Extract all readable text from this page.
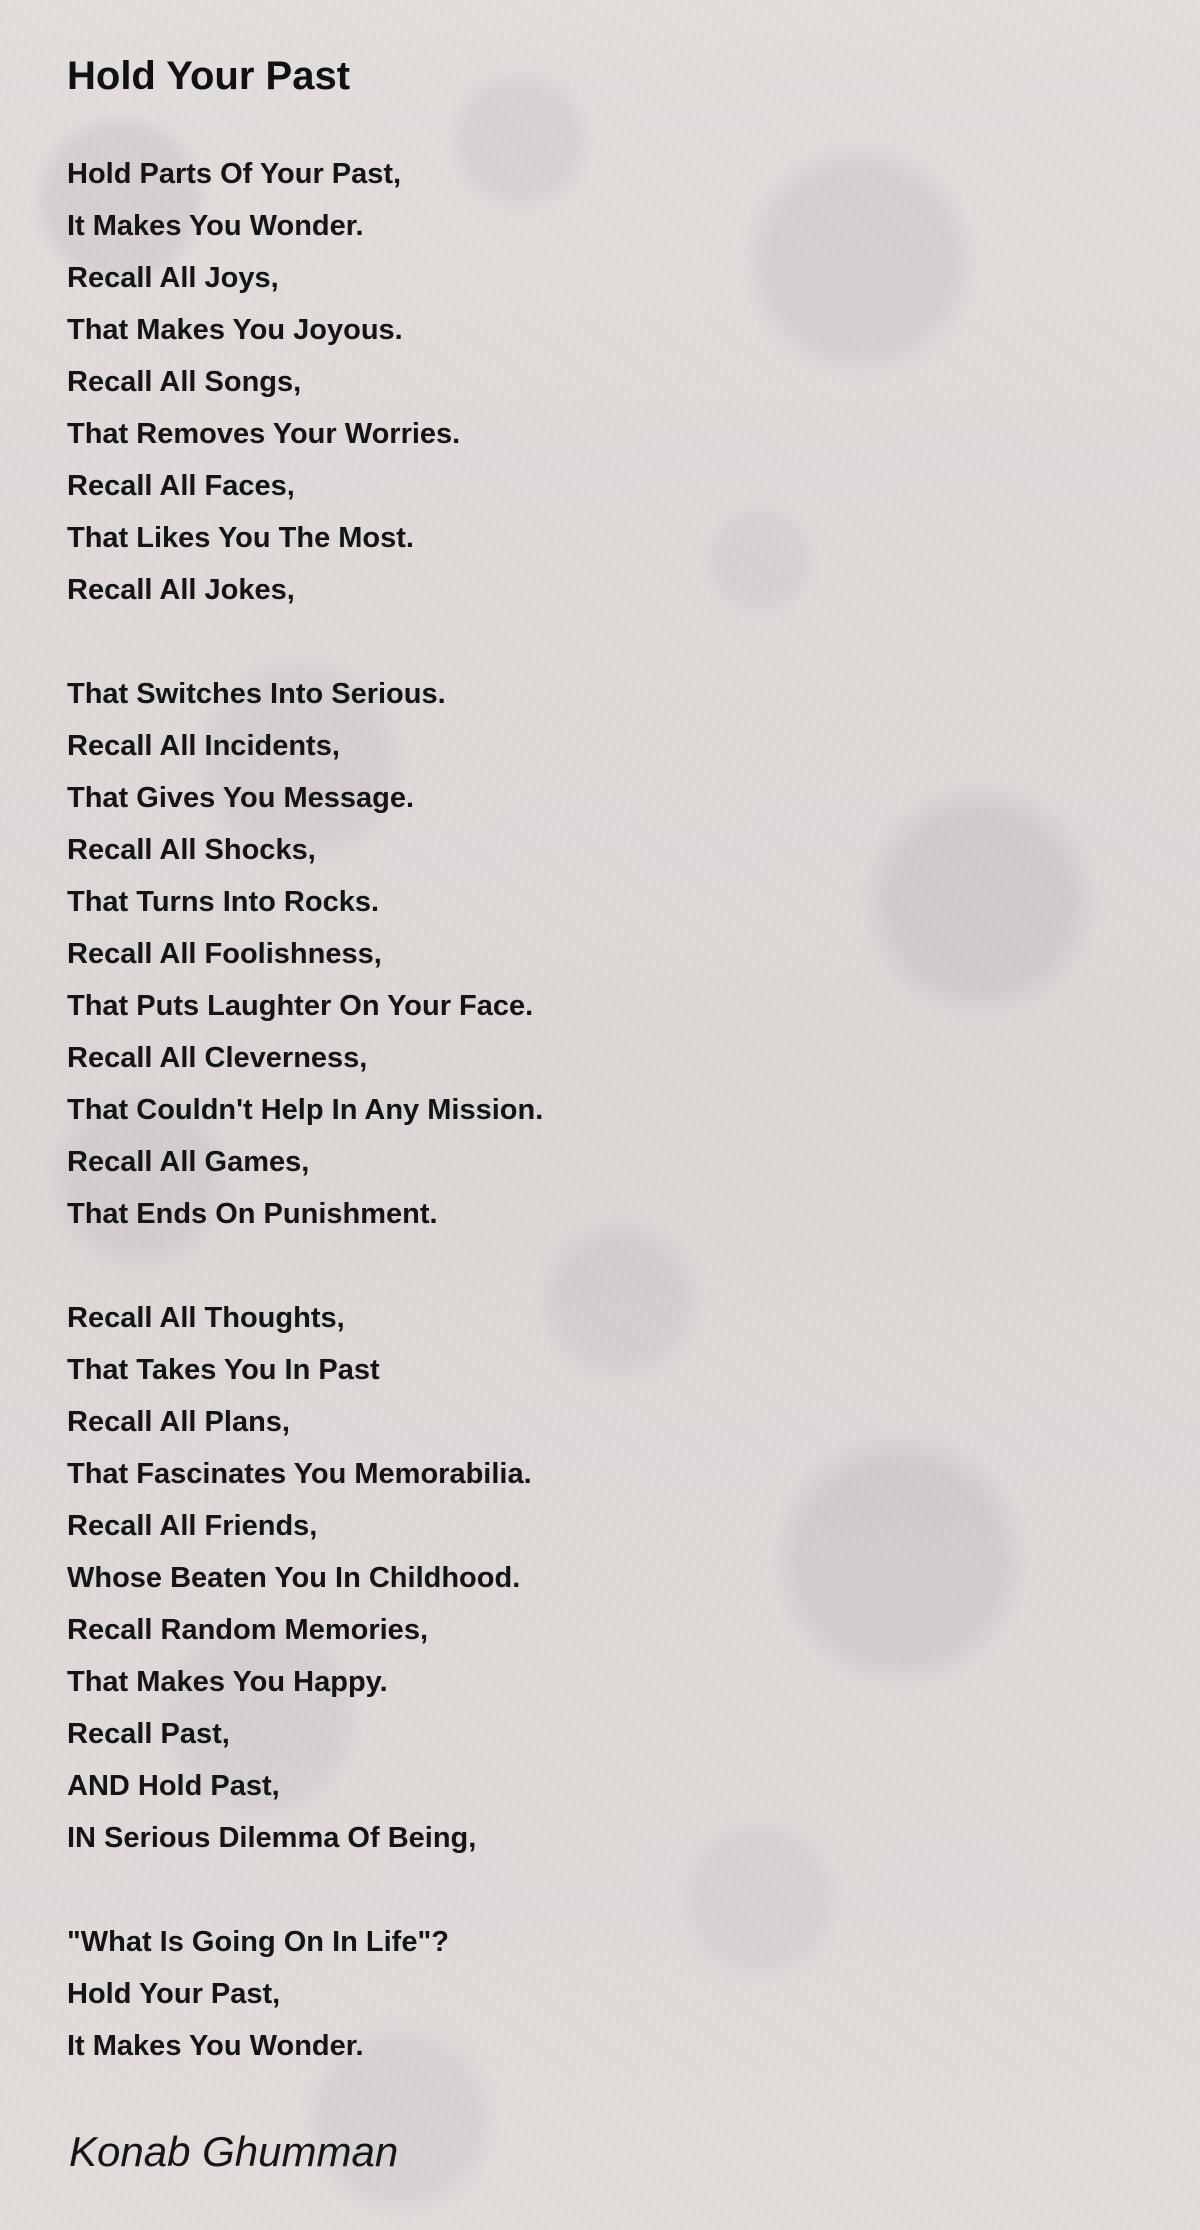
Hold Your Past

Hold Parts Of Your Past,
It Makes You Wonder.
Recall All Joys,
That Makes You Joyous.
Recall All Songs,
That Removes Your Worries.
Recall All Faces,
That Likes You The Most.
Recall All Jokes,

That Switches Into Serious.
Recall All Incidents,
That Gives You Message.
Recall All Shocks,
That Turns Into Rocks.
Recall All Foolishness,
That Puts Laughter On Your Face.
Recall All Cleverness,
That Couldn't Help In Any Mission.
Recall All Games,
That Ends On Punishment.

Recall All Thoughts,
That Takes You In Past
Recall All Plans,
That Fascinates You Memorabilia.
Recall All Friends,
Whose Beaten You In Childhood.
Recall Random Memories,
That Makes You Happy.
Recall Past,
AND Hold Past,
IN Serious Dilemma Of Being,

"What Is Going On In Life"?
Hold Your Past,
It Makes You Wonder.

Konab Ghumman
